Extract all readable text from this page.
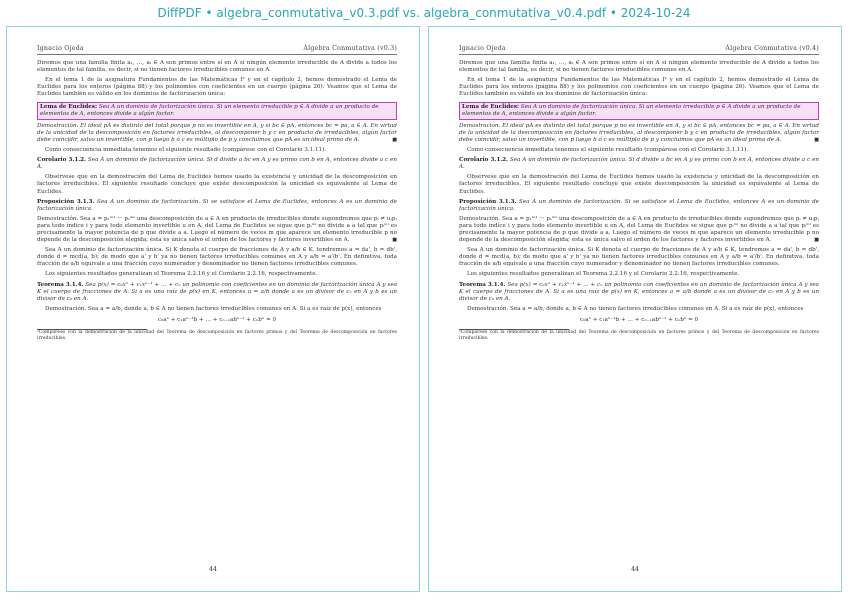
DiffPDF • algebra_conmutativa_v0.3.pdf vs. algebra_conmutativa_v0.4.pdf • 2024-10-24
Ignacio Ojeda	Álgebra Conmutativa (v0.3)

Diremos que una familia finita a₁, …, aₜ ∈ A son primos entre sí en A si ningún elemento irreducible de A divide a todos los elementos de tal familia, es decir, si no tienen factores irreducibles comunes en A.

En el tema 1 de la asignatura Fundamentos de las Matemáticas I² y en el capítulo 2, hemos demostrado el Lema de Euclides para los enteros (página 88) y los polinomios con coeficientes en un cuerpo (página 26). Veamos que el Lema de Euclides también es válido en los dominios de factorización única:

Lema de Euclides: Sea A un dominio de factorización única. Si un elemento irreducible p ∈ A divide a un producto de elementos de A, entonces divide a algún factor.

Demostración. El ideal pA es distinto del total porque p no es invertible en A, y si bc ∈ pA, entonces bc = pa, a ∈ A. En virtud de la unicidad de la descomposición en factores irreducibles, al descomponer b y c en producto de irreducibles, algún factor debe coincidir, salvo un invertible, con p luego b ó c es múltiplo de p y concluimos que pA es un ideal primo de A.	■

Como consecuencia inmediata tenemos el siguiente resultado (compárese con el Corolario 3.1.11).

Corolario 3.1.2. Sea A un dominio de factorización única. Si d divide a bc en A y es primo con b en A, entonces divide a c en A.

Obsérvese que en la demostración del Lema de Euclides hemos usado la existencia y unicidad de la descomposición en factores irreducibles. El siguiente resultado concluye que existe descomposición la unicidad es equivalente al Lema de Euclides.

Proposición 3.1.3. Sea A un dominio de factorización. Si se satisface el Lema de Euclides, entonces A es un dominio de factorización única.

Demostración. Sea a = p₁ᵐ¹ ··· pₛᵐˢ una descomposición de a ∈ A en producto de irreducibles donde supondremos que pᵢ ≠ uⱼpⱼ para todo índice i y para todo elemento invertible u en A, del Lema de Euclides se sigue que pᵢᵐⁱ no divide a a tal que pᵢᵐⁱ es precisamente la mayor potencia de p que divide a a. Luego el número de veces m que aparece un elemento irreducible p no depende de la descomposición elegida; ésta es única salvo el orden de los factores y factores invertibles en A.	■

Sea A un dominio de factorización única. Si K denota el cuerpo de fracciones de A y a/b ∈ K, tendremos a = da', b = db', donde d = mcd(a, b); de modo que a' y b' ya no tienen factores irreducibles comunes en A y a/b = a'/b'. En definitiva, toda fracción de a/b equivale a una fracción cuyo numerador y denominador no tienen factores irreducibles comunes.

Los siguientes resultados generalizan el Teorema 2.2.16 y el Corolario 2.2.16, respectivamente.

Teorema 3.1.4. Sea p(x) = c₀xⁿ + c₁xⁿ⁻¹ + … + cₙ un polinomio con coeficientes en un dominio de factorización única A y sea K el cuerpo de fracciones de A. Si a es una raíz de p(x) en K, entonces a = a/b donde a es un divisor de cₙ en A y b es un divisor de c₀ en A.

Demostración. Sea a = a/b, donde a, b ∈ A no tienen factores irreducibles comunes en A. Si a es raíz de p(x), entonces

c₀aⁿ + c₁aⁿ⁻¹b + … + cₙ₋₁abⁿ⁻¹ + cₙbⁿ = 0

²Compárese con la demostración de la unicidad del Teorema de descomposición en factores primos y del Teorema de descomposición en factores irreducibles.

44
Ignacio Ojeda	Álgebra Conmutativa (v0.4)

Diremos que una familia finita a₁, …, aₜ ∈ A son primos entre sí en A si ningún elemento irreducible de A divide a todos los elementos de tal familia, es decir, si no tienen factores irreducibles comunes en A.

En el tema 1 de la asignatura Fundamentos de las Matemáticas I² y en el capítulo 2, hemos demostrado el Lema de Euclides para los enteros (página 88) y los polinomios con coeficientes en un cuerpo (página 26). Veamos que el Lema de Euclides también es válido en los dominios de factorización única:

Lema de Euclides: Sea A un dominio de factorización única. Si un elemento irreducible p ∈ A divide a un producto de elementos de A, entonces divide a algún factor.

Demostración. El ideal pA es distinto del total porque p no es invertible en A, y si bc ∈ pA, entonces bc = pa, a ∈ A. En virtud de la unicidad de la descomposición en factores irreducibles, al descomponer b y c en producto de irreducibles, algún factor debe coincidir, salvo un invertible, con p luego b ó c es múltiplo de p y concluimos que pA es un ideal primo de A.	■

Como consecuencia inmediata tenemos el siguiente resultado (compárese con el Corolario 3.1.11).

Corolario 3.1.2. Sea A un dominio de factorización única. Si d divide a bc en A y es primo con b en A, entonces divide a c en A.

Obsérvese que en la demostración del Lema de Euclides hemos usado la existencia y unicidad de la descomposición en factores irreducibles. El siguiente resultado concluye que existe descomposición la unicidad es equivalente al Lema de Euclides.

Proposición 3.1.3. Sea A un dominio de factorización. Si se satisface el Lema de Euclides, entonces A es un dominio de factorización única.

Demostración. Sea a = p₁ᵐ¹ ··· pₛᵐˢ una descomposición de a ∈ A en producto de irreducibles donde supondremos que pᵢ ≠ uⱼpⱼ para todo índice i y para todo elemento invertible u en A, del Lema de Euclides se sigue que pᵢᵐⁱ no divide a a tal que pᵢᵐⁱ es precisamente la mayor potencia de p que divide a a. Luego el número de veces m que aparece un elemento irreducible p no depende de la descomposición elegida; ésta es única salvo el orden de los factores y factores invertibles en A.	■

Sea A un dominio de factorización única. Si K denota el cuerpo de fracciones de A y a/b ∈ K, tendremos a = da', b = db', donde d = mcd(a, b); de modo que a' y b' ya no tienen factores irreducibles comunes en A y a/b = a'/b'. En definitiva, toda fracción de a/b equivale a una fracción cuyo numerador y denominador no tienen factores irreducibles comunes.

Los siguientes resultados generalizan el Teorema 2.2.16 y el Corolario 2.2.16, respectivamente.

Teorema 3.1.4. Sea p(x) = c₀xⁿ + c₁xⁿ⁻¹ + … + cₙ un polinomio con coeficientes en un dominio de factorización única A y sea K el cuerpo de fracciones de A. Si a es una raíz de p(x) en K, entonces a = a/b donde a es un divisor de cₙ en A y b es un divisor de c₀ en A.

Demostración. Sea a = a/b, donde a, b ∈ A no tienen factores irreducibles comunes en A. Si a es raíz de p(x), entonces

c₀aⁿ + c₁aⁿ⁻¹b + … + cₙ₋₁abⁿ⁻¹ + cₙbⁿ = 0

²Compárese con la demostración de la unicidad del Teorema de descomposición en factores primos y del Teorema de descomposición en factores irreducibles.

44
